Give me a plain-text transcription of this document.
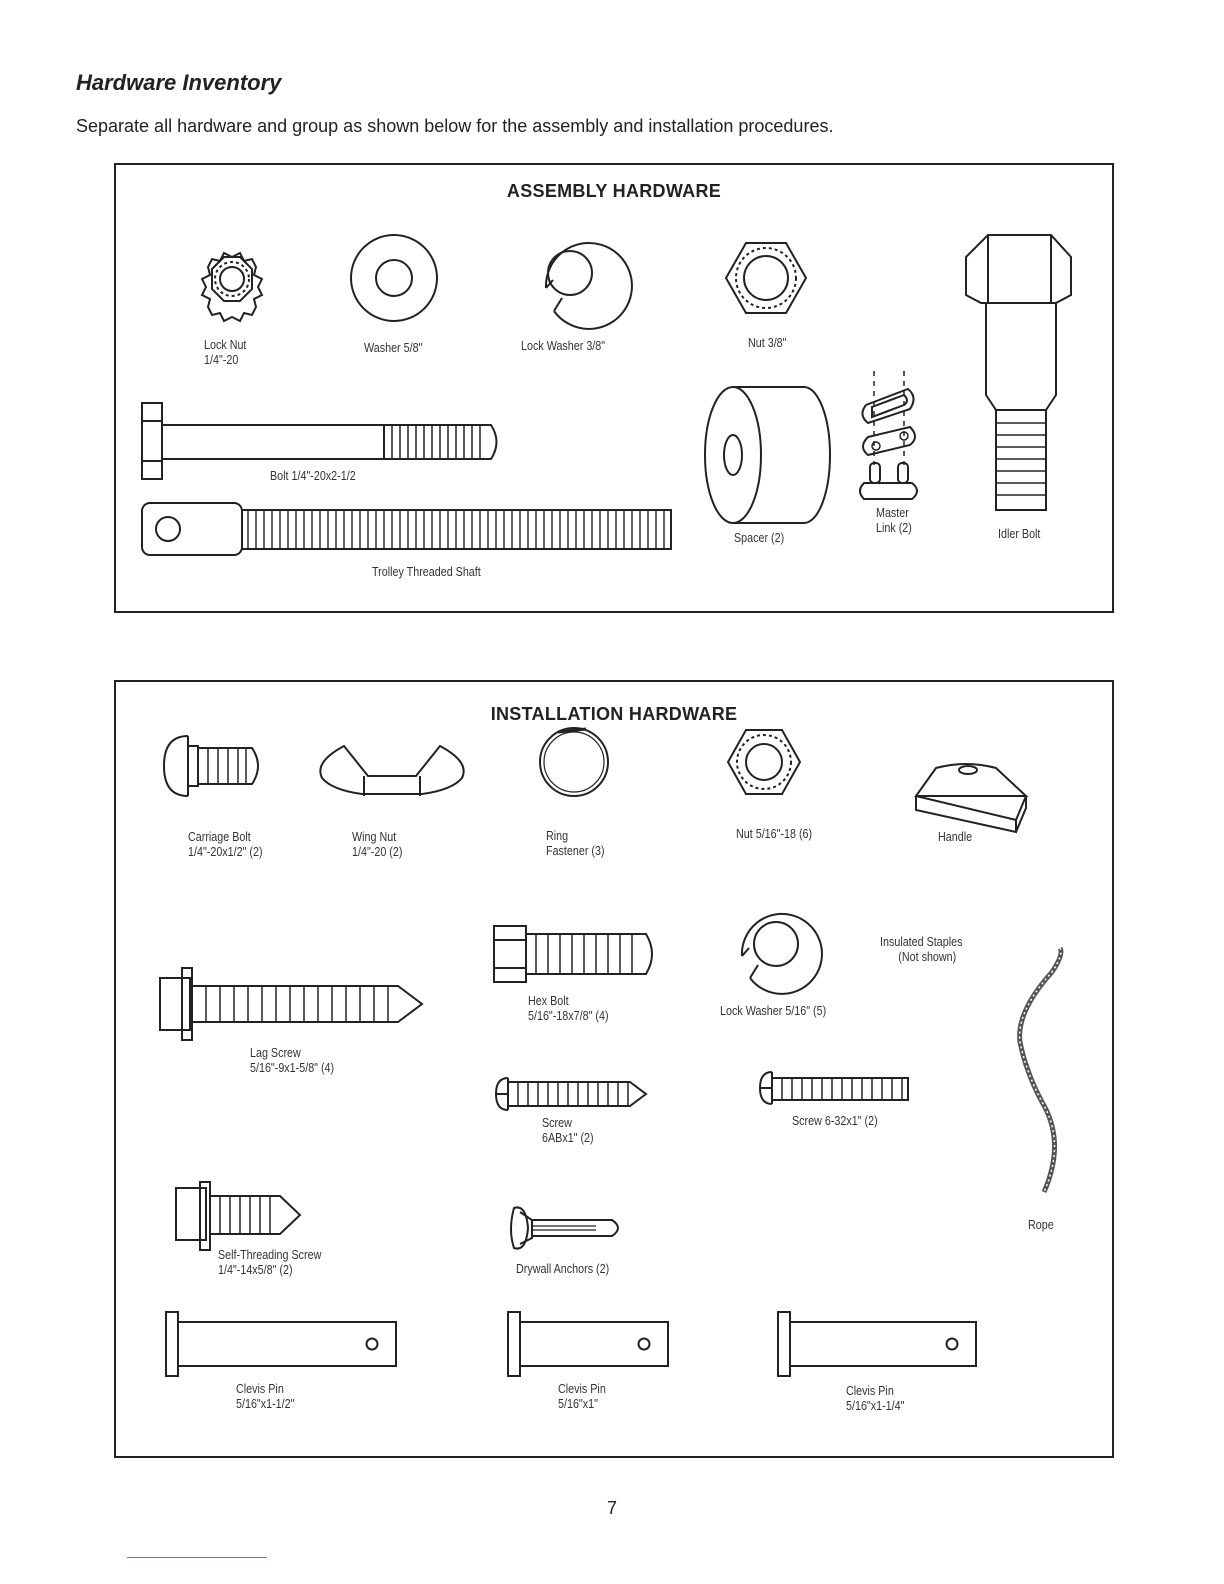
Hardware Inventory

Separate all hardware and group as shown below for the assembly and installation procedures.

ASSEMBLY HARDWARE
Lock Nut
1/4"-20
Washer 5/8"	Lock Washer 3/8"	Nut 3/8"
Bolt 1/4"-20x2-1/2
Trolley Threaded Shaft
Spacer (2)
Master
Link (2)	Idler Bolt
INSTALLATION HARDWARE
Carriage Bolt
1/4"-20x1/2" (2)
Wing Nut
1/4"-20 (2)
Ring
Fastener (3)
Nut 5/16"-18 (6)	Handle
Insulated Staples
(Not shown)
Hex Bolt
5/16"-18x7/8" (4)	Lock Washer 5/16" (5)
Lag Screw
5/16"-9x1-5/8" (4)
Screw
6ABx1" (2)
Screw 6-32x1" (2)
Rope
Self-Threading Screw
1/4"-14x5/8" (2)	Drywall Anchors (2)
Clevis Pin
5/16"x1-1/2"
Clevis Pin
5/16"x1"
Clevis Pin
5/16"x1-1/4"
7
